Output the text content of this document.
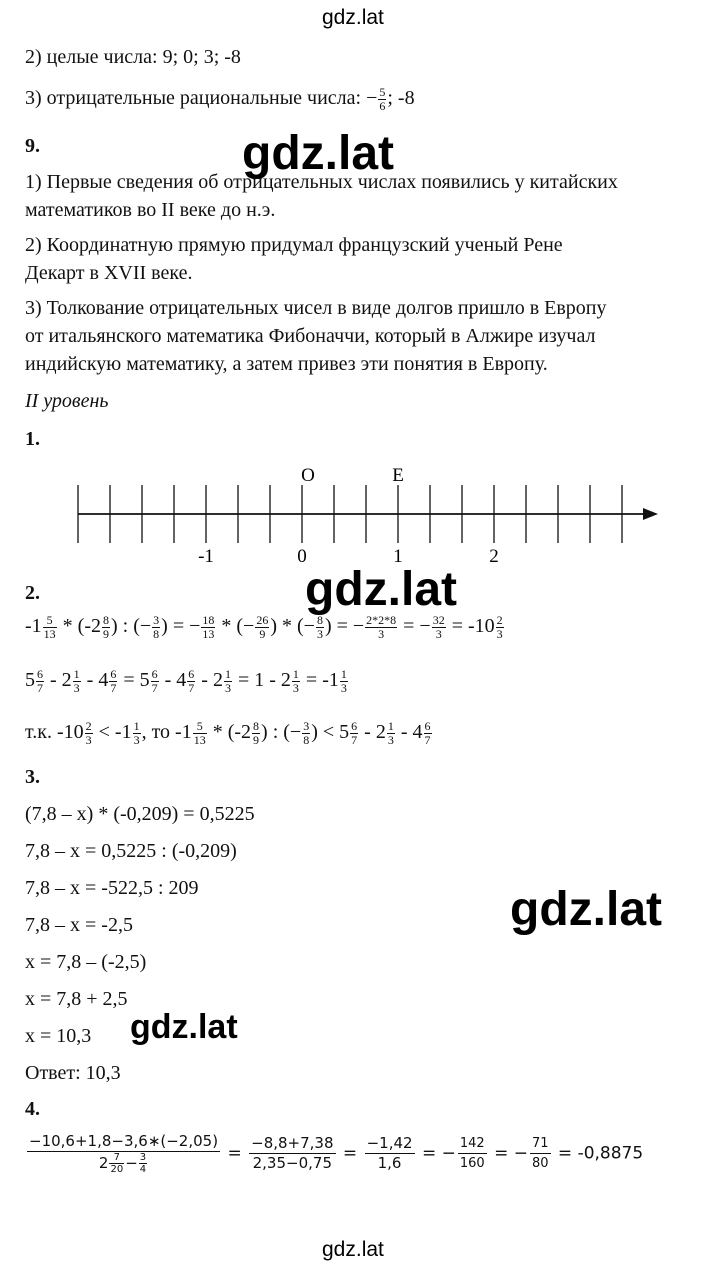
gdz.lat
gdz.lat
gdz.lat
gdz.lat
gdz.lat
gdz.lat
2) целые числа: 9; 0; 3; -8
3) отрицательные рациональные числа: − $\frac{5}{6}$ ; -8
9.
1) Первые сведения об отрицательных числах появились у китайских
математиков во II веке до н.э.
2) Координатную прямую придумал французский ученый Рене
Декарт в XVII веке.
3) Толкование отрицательных чисел в виде долгов пришло в Европу
от итальянского математика Фибоначчи, который в Алжире изучал
индийскую математику, а затем привез эти понятия в Европу.
II уровень
1.
O	E
-1	0	1	2
2.
$-1 \frac{5}{13} * (-2 \frac{8}{9}$ ) : (− $\frac{3}{8}$ ) = − $\frac{18}{13}$ * (− $\frac{26}{9}$ ) * (− $\frac{8}{3}$ ) = − $\frac{2*2*8}{3}$ = − $\frac{32}{3} = -10 \frac{2}{3}$
$5 \frac{6}{7} - 2 \frac{1}{3} - 4 \frac{6}{7} = 5 \frac{6}{7} - 4 \frac{6}{7} - 2 \frac{1}{3} = 1 - 2 \frac{1}{3} = -1 \frac{1}{3}$
т.к. $-10 \frac{2}{3} < -1 \frac{1}{3}$ , то $-1 \frac{5}{13} * (-2 \frac{8}{9}$ ) : (− $\frac{3}{8}$ ) < $5 \frac{6}{7} - 2 \frac{1}{3} - 4 \frac{6}{7}$
3.
(7,8 – x) * (-0,209) = 0,5225
7,8 – x = 0,5225 : (-0,209)
7,8 – x = -522,5 : 209
7,8 – x = -2,5
x = 7,8 – (-2,5)
x = 7,8 + 2,5
x = 10,3
Ответ: 10,3
4.
$\frac{-10,6+1,8-3,6∗(-2,05)}{2 \frac{7}{20} - \frac{3}{4}} = \frac{-8,8+7,38}{2,35-0,75} = \frac{-1,42}{1,6}$ = − $\frac{142}{160}$ = − $\frac{71}{80} = -0,8875$
